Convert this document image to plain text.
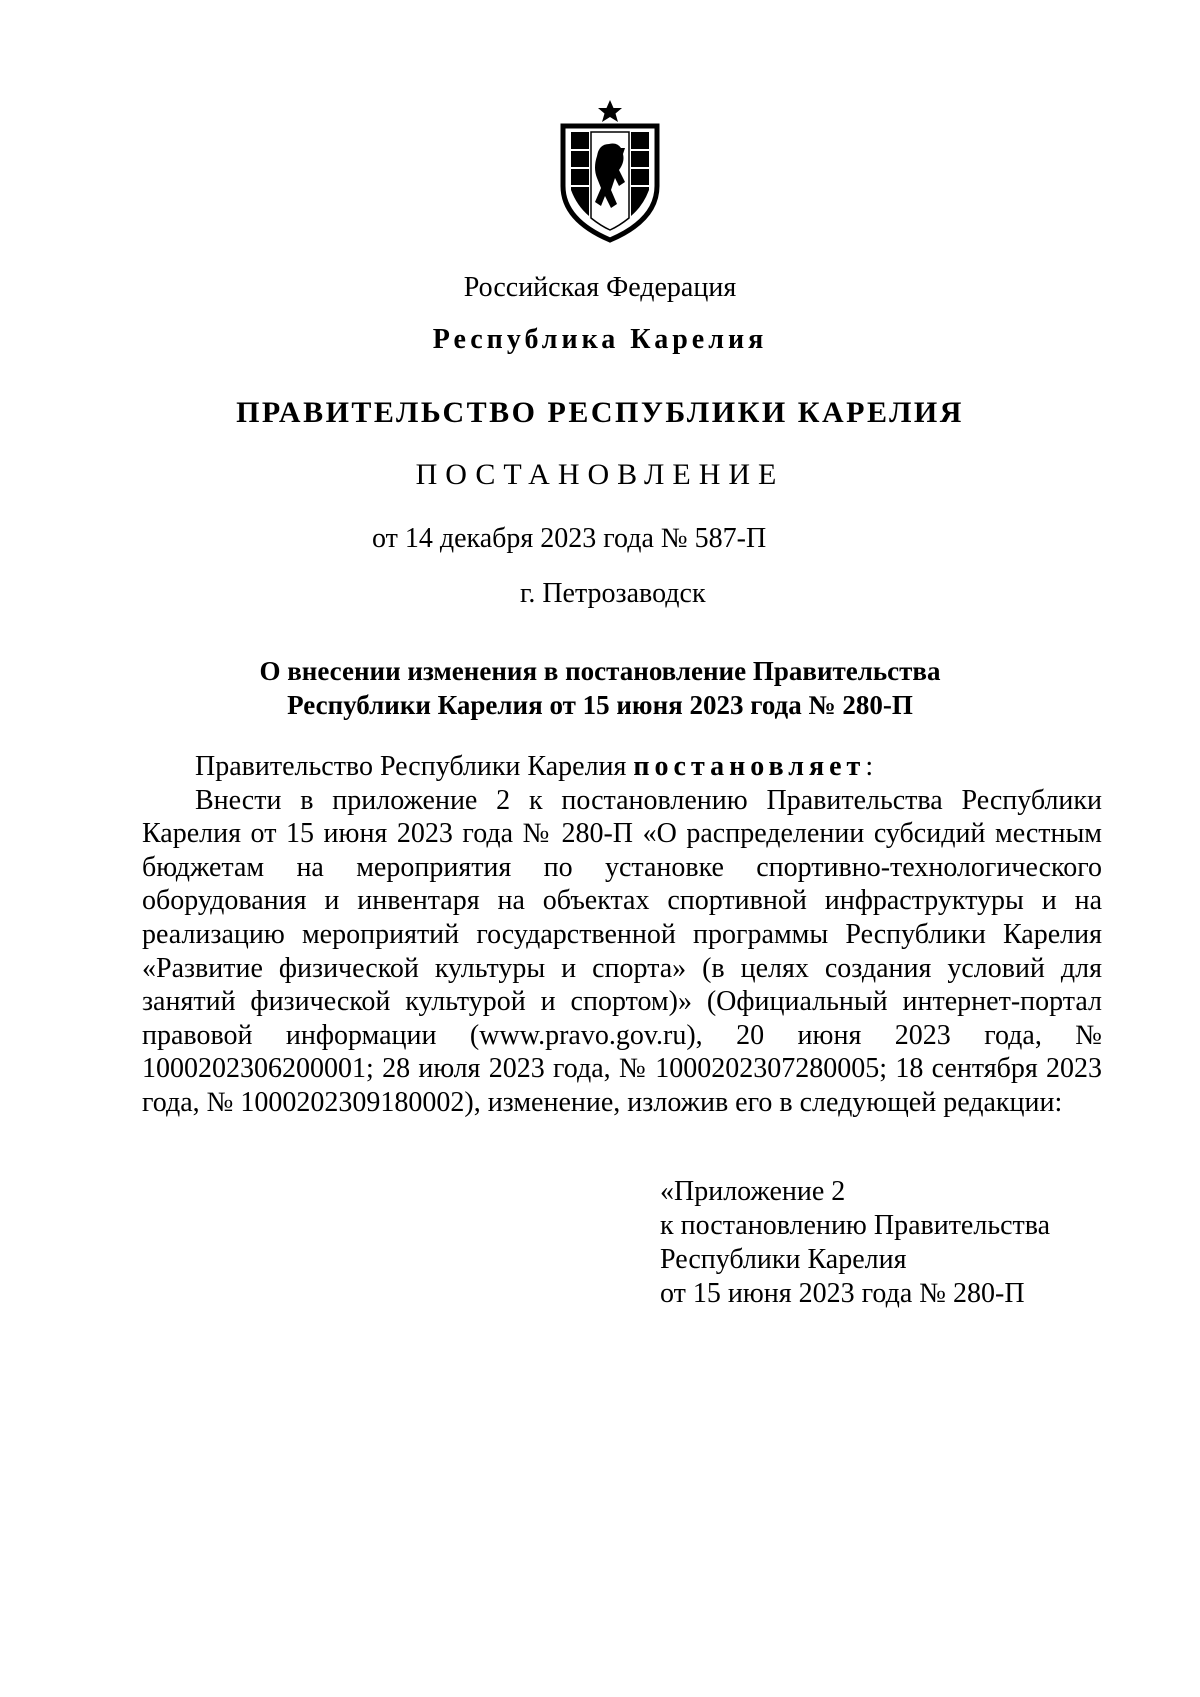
Российская Федерация
Республика Карелия
ПРАВИТЕЛЬСТВО РЕСПУБЛИКИ КАРЕЛИЯ
ПОСТАНОВЛЕНИЕ
от 14 декабря 2023 года № 587-П
г. Петрозаводск
О внесении изменения в постановление Правительства
Республики Карелия от 15 июня 2023 года № 280-П

Правительство Республики Карелия постановляет:

Внести в приложение 2 к постановлению Правительства Республики Карелия от 15 июня 2023 года № 280-П «О распределении субсидий местным бюджетам на мероприятия по установке спортивно-технологического оборудования и инвентаря на объектах спортивной инфраструктуры и на реализацию мероприятий государственной программы Республики Карелия «Развитие физической культуры и спорта» (в целях создания условий для занятий физической культурой и спортом)» (Официальный интернет-портал правовой информации (www.pravo.gov.ru), 20 июня 2023 года, № 1000202306200001; 28 июля 2023 года, № 1000202307280005; 18 сентября 2023 года, № 1000202309180002), изменение, изложив его в следующей редакции:

«Приложение 2
к постановлению Правительства
Республики Карелия
от 15 июня 2023 года № 280-П
